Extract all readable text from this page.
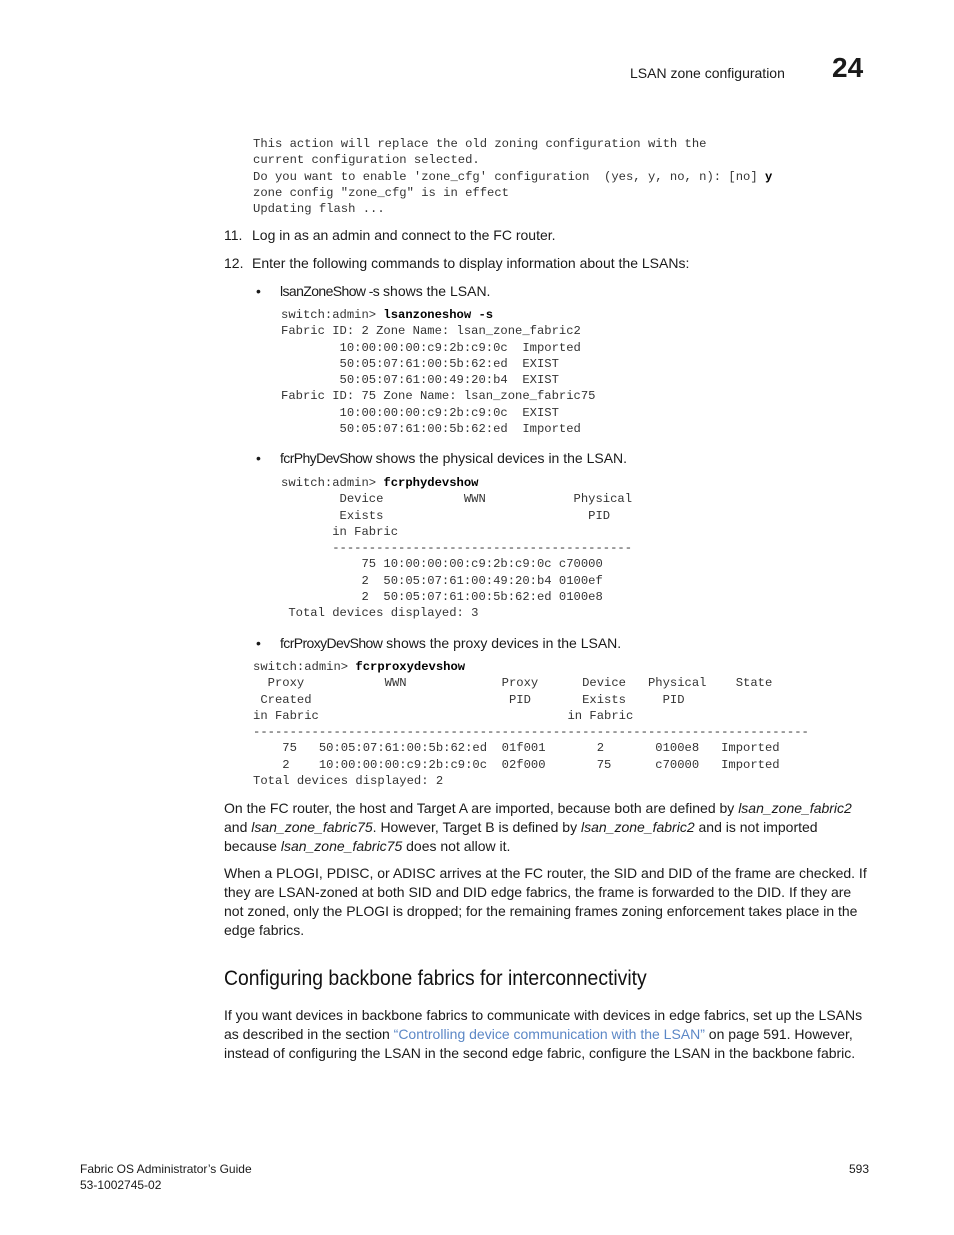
LSAN zone configuration 24
This action will replace the old zoning configuration with the
current configuration selected.
Do you want to enable 'zone_cfg' configuration  (yes, y, no, n): [no] y
zone config "zone_cfg" is in effect
Updating flash ...
11. Log in as an admin and connect to the FC router.
12. Enter the following commands to display information about the LSANs:
• lsanZoneShow -s shows the LSAN.
switch:admin> lsanzoneshow -s
Fabric ID: 2 Zone Name: lsan_zone_fabric2
10:00:00:00:c9:2b:c9:0c  Imported
50:05:07:61:00:5b:62:ed  EXIST
50:05:07:61:00:49:20:b4  EXIST
Fabric ID: 75 Zone Name: lsan_zone_fabric75
10:00:00:00:c9:2b:c9:0c  EXIST
50:05:07:61:00:5b:62:ed  Imported
• fcrPhyDevShow shows the physical devices in the LSAN.
switch:admin> fcrphydevshow
Device           WWN            Physical
Exists                            PID
in Fabric
-----------------------------------------
75 10:00:00:00:c9:2b:c9:0c c70000
2  50:05:07:61:00:49:20:b4 0100ef
2  50:05:07:61:00:5b:62:ed 0100e8
Total devices displayed: 3
• fcrProxyDevShow shows the proxy devices in the LSAN.
switch:admin> fcrproxydevshow
Proxy           WWN             Proxy      Device   Physical    State
Created                           PID       Exists     PID
in Fabric                                  in Fabric
----------------------------------------------------------------------------
75   50:05:07:61:00:5b:62:ed  01f001       2       0100e8   Imported
2    10:00:00:00:c9:2b:c9:0c  02f000       75      c70000   Imported
Total devices displayed: 2

On the FC router, the host and Target A are imported, because both are defined by lsan_zone_fabric2 and lsan_zone_fabric75. However, Target B is defined by lsan_zone_fabric2 and is not imported because lsan_zone_fabric75 does not allow it.

When a PLOGI, PDISC, or ADISC arrives at the FC router, the SID and DID of the frame are checked. If they are LSAN-zoned at both SID and DID edge fabrics, the frame is forwarded to the DID. If they are not zoned, only the PLOGI is dropped; for the remaining frames zoning enforcement takes place in the edge fabrics.

Configuring backbone fabrics for interconnectivity

If you want devices in backbone fabrics to communicate with devices in edge fabrics, set up the LSANs as described in the section “Controlling device communication with the LSAN” on page 591. However, instead of configuring the LSAN in the second edge fabric, configure the LSAN in the backbone fabric.

Fabric OS Administrator’s Guide
53-1002745-02
593
